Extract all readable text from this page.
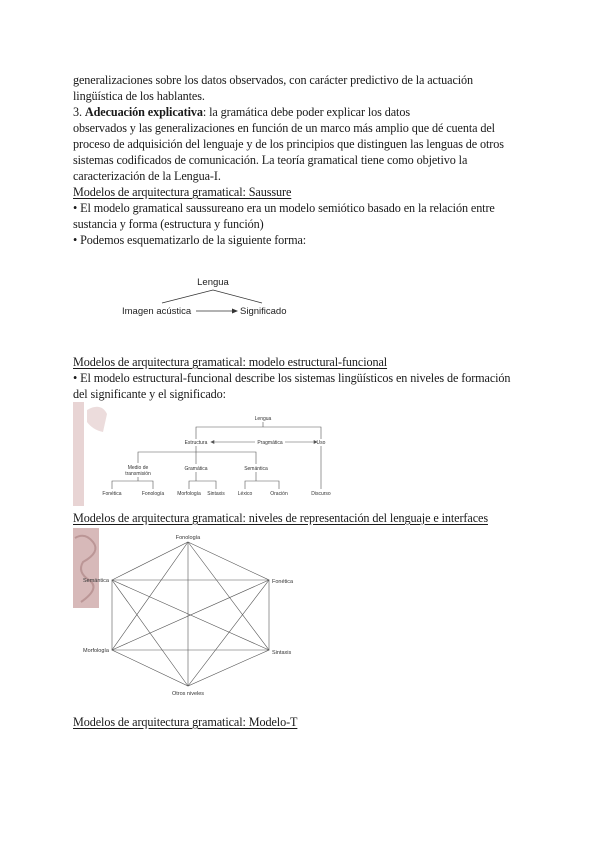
generalizaciones sobre los datos observados, con carácter predictivo de la actuación
lingüística de los hablantes.
3. Adecuación explicativa: la gramática debe poder explicar los datos
observados y las generalizaciones en función de un marco más amplio que dé cuenta del
proceso de adquisición del lenguaje y de los principios que distinguen las lenguas de otros
sistemas codificados de comunicación. La teoría gramatical tiene como objetivo la
caracterización de la Lengua-I.
Modelos de arquitectura gramatical: Saussure
• El modelo gramatical saussureano era un modelo semiótico basado en la relación entre
sustancia y forma (estructura y función)
• Podemos esquematizarlo de la siguiente forma:
Lengua
Imagen acústica	Significado
Modelos de arquitectura gramatical: modelo estructural-funcional
• El modelo estructural-funcional describe los sistemas lingüísticos en niveles de formación
del significante y el significado:
Lengua
Estructura	Pragmática	Uso
Medio de
transmisión
Gramática	Semántica
Fonética	Fonología	Morfología Sintaxis	Léxico	Oración	Discurso
Modelos de arquitectura gramatical: niveles de representación del lenguaje e interfaces
Fonología
Semántica	Fonética
Morfología	Sintaxis
Otros niveles
Modelos de arquitectura gramatical: Modelo-T
